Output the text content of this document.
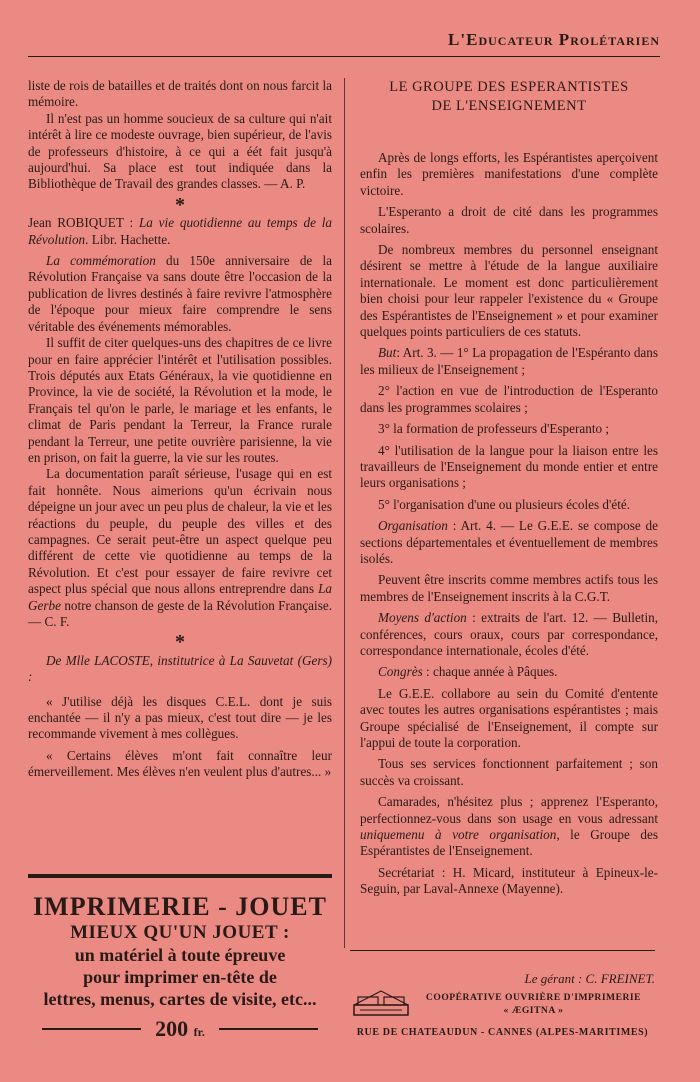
L'Educateur Prolétarien

liste de rois de batailles et de traités dont on nous farcit la mémoire.

Il n'est pas un homme soucieux de sa culture qui n'ait intérêt à lire ce modeste ouvrage, bien supérieur, de l'avis de professeurs d'histoire, à ce qui a éét fait jusqu'à aujourd'hui. Sa place est tout indiquée dans la Bibliothèque de Travail des grandes classes. — A. P.

*

Jean ROBIQUET : La vie quotidienne au temps de la Révolution. Libr. Hachette.

La commémoration du 150e anniversaire de la Révolution Française va sans doute être l'occasion de la publication de livres destinés à faire revivre l'atmosphère de l'époque pour mieux faire comprendre le sens véritable des événements mémorables.

Il suffit de citer quelques-uns des chapitres de ce livre pour en faire apprécier l'intérêt et l'utilisation possibles. Trois députés aux Etats Généraux, la vie quotidienne en Province, la vie de société, la Révolution et la mode, le Français tel qu'on le parle, le mariage et les enfants, le climat de Paris pendant la Terreur, la France rurale pendant la Terreur, une petite ouvrière parisienne, la vie en prison, on fait la guerre, la vie sur les routes.

La documentation paraît sérieuse, l'usage qui en est fait honnête. Nous aimerions qu'un écrivain nous dépeigne un jour avec un peu plus de chaleur, la vie et les réactions du peuple, du peuple des villes et des campagnes. Ce serait peut-être un aspect quelque peu différent de cette vie quotidienne au temps de la Révolution. Et c'est pour essayer de faire revivre cet aspect plus spécial que nous allons entreprendre dans La Gerbe notre chanson de geste de la Révolution Française. — C. F.

*

De Mlle LACOSTE, institutrice à La Sauvetat (Gers) :

« J'utilise déjà les disques C.E.L. dont je suis enchantée — il n'y a pas mieux, c'est tout dire — je les recommande vivement à mes collègues.

« Certains élèves m'ont fait connaître leur émerveillement. Mes élèves n'en veulent plus d'autres... »

LE GROUPE DES ESPERANTISTES
DE L'ENSEIGNEMENT

Après de longs efforts, les Espérantistes aperçoivent enfin les premières manifestations d'une complète victoire.

L'Esperanto a droit de cité dans les programmes scolaires.

De nombreux membres du personnel enseignant désirent se mettre à l'étude de la langue auxiliaire internationale. Le moment est donc particulièrement bien choisi pour leur rappeler l'existence du « Groupe des Espérantistes de l'Enseignement » et pour examiner quelques points particuliers de ces statuts.

But: Art. 3. — 1° La propagation de l'Espéranto dans les milieux de l'Enseignement ;

2° l'action en vue de l'introduction de l'Esperanto dans les programmes scolaires ;

3° la formation de professeurs d'Esperanto ;

4° l'utilisation de la langue pour la liaison entre les travailleurs de l'Enseignement du monde entier et entre leurs organisations ;

5° l'organisation d'une ou plusieurs écoles d'été.

Organisation : Art. 4. — Le G.E.E. se compose de sections départementales et éventuellement de membres isolés.

Peuvent être inscrits comme membres actifs tous les membres de l'Enseignement inscrits à la C.G.T.

Moyens d'action : extraits de l'art. 12. — Bulletin, conférences, cours oraux, cours par correspondance, correspondance internationale, écoles d'été.

Congrès : chaque année à Pâques.

Le G.E.E. collabore au sein du Comité d'entente avec toutes les autres organisations espérantistes ; mais Groupe spécialisé de l'Enseignement, il compte sur l'appui de toute la corporation.

Tous ses services fonctionnent parfaitement ; son succès va croissant.

Camarades, n'hésitez plus ; apprenez l'Esperanto, perfectionnez-vous dans son usage en vous adressant uniquemenu à votre organisation, le Groupe des Espérantistes de l'Enseignement.

Secrétariat : H. Micard, instituteur à Epineux-le-Seguin, par Laval-Annexe (Mayenne).

IMPRIMERIE - JOUET
MIEUX QU'UN JOUET :
un matériel à toute épreuve
pour imprimer en-tête de
lettres, menus, cartes de visite, etc...
200 fr.
Le gérant : C. FREINET.
COOPÉRATIVE OUVRIÈRE D'IMPRIMERIE
« ÆGITNA »
RUE DE CHATEAUDUN - CANNES (ALPES-MARITIMES)
